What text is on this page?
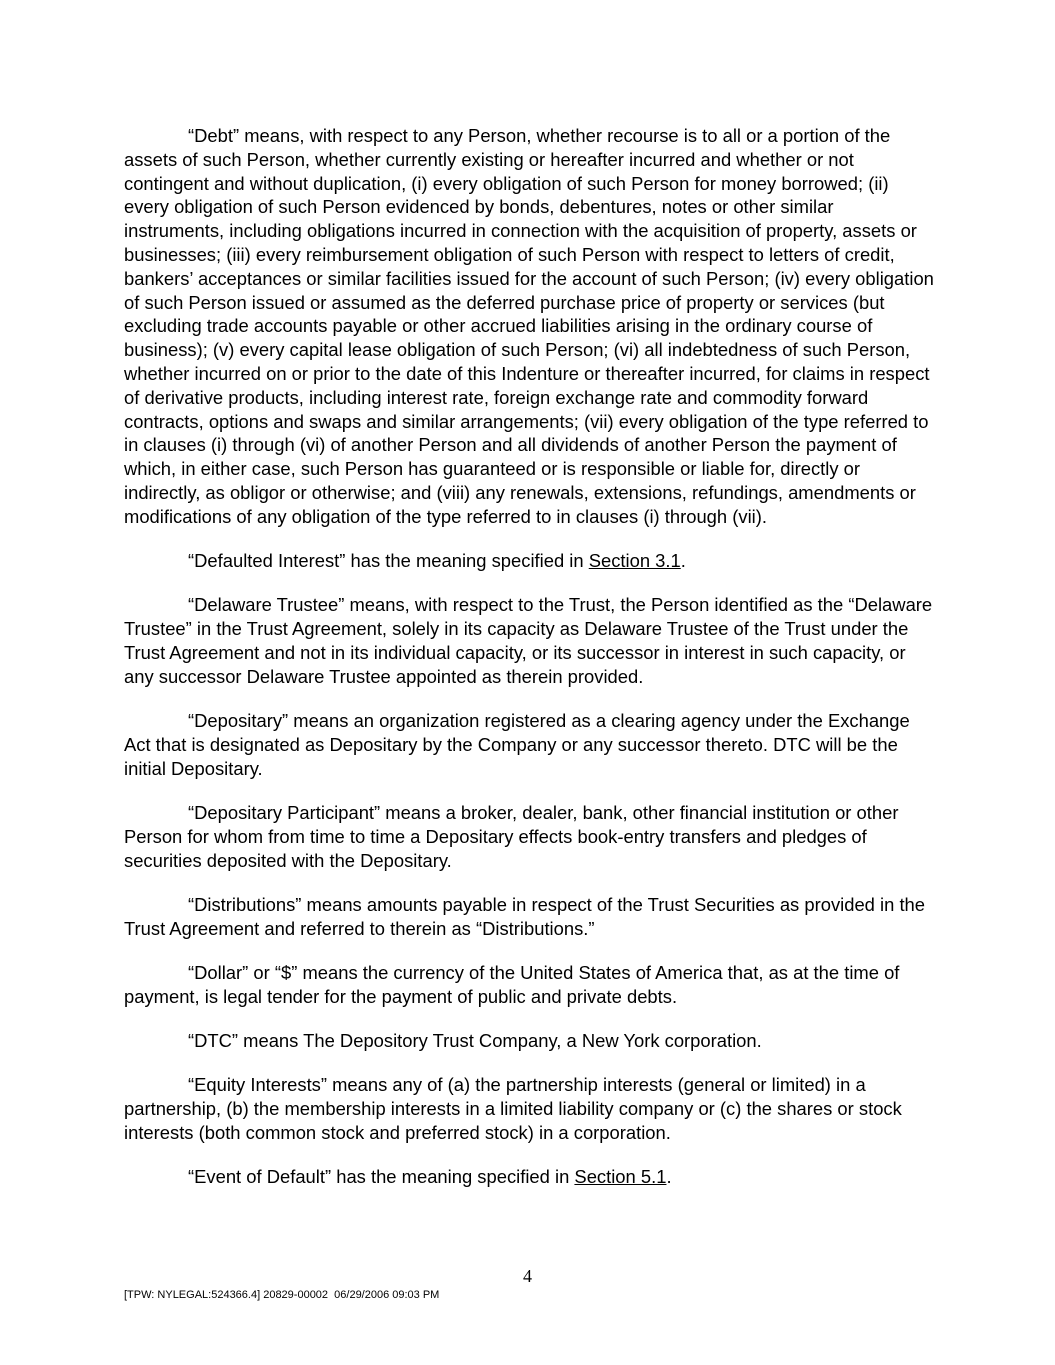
“Debt” means, with respect to any Person, whether recourse is to all or a portion of the assets of such Person, whether currently existing or hereafter incurred and whether or not contingent and without duplication, (i) every obligation of such Person for money borrowed; (ii) every obligation of such Person evidenced by bonds, debentures, notes or other similar instruments, including obligations incurred in connection with the acquisition of property, assets or businesses; (iii) every reimbursement obligation of such Person with respect to letters of credit, bankers’ acceptances or similar facilities issued for the account of such Person; (iv) every obligation of such Person issued or assumed as the deferred purchase price of property or services (but excluding trade accounts payable or other accrued liabilities arising in the ordinary course of business); (v) every capital lease obligation of such Person; (vi) all indebtedness of such Person, whether incurred on or prior to the date of this Indenture or thereafter incurred, for claims in respect of derivative products, including interest rate, foreign exchange rate and commodity forward contracts, options and swaps and similar arrangements; (vii) every obligation of the type referred to in clauses (i) through (vi) of another Person and all dividends of another Person the payment of which, in either case, such Person has guaranteed or is responsible or liable for, directly or indirectly, as obligor or otherwise; and (viii) any renewals, extensions, refundings, amendments or modifications of any obligation of the type referred to in clauses (i) through (vii).

“Defaulted Interest” has the meaning specified in Section 3.1.

“Delaware Trustee” means, with respect to the Trust, the Person identified as the “Delaware Trustee” in the Trust Agreement, solely in its capacity as Delaware Trustee of the Trust under the Trust Agreement and not in its individual capacity, or its successor in interest in such capacity, or any successor Delaware Trustee appointed as therein provided.

“Depositary” means an organization registered as a clearing agency under the Exchange Act that is designated as Depositary by the Company or any successor thereto. DTC will be the initial Depositary.

“Depositary Participant” means a broker, dealer, bank, other financial institution or other Person for whom from time to time a Depositary effects book-entry transfers and pledges of securities deposited with the Depositary.

“Distributions” means amounts payable in respect of the Trust Securities as provided in the Trust Agreement and referred to therein as “Distributions.”

“Dollar” or “$” means the currency of the United States of America that, as at the time of payment, is legal tender for the payment of public and private debts.

“DTC” means The Depository Trust Company, a New York corporation.

“Equity Interests” means any of (a) the partnership interests (general or limited) in a partnership, (b) the membership interests in a limited liability company or (c) the shares or stock interests (both common stock and preferred stock) in a corporation.

“Event of Default” has the meaning specified in Section 5.1.

4
[TPW: NYLEGAL:524366.4] 20829-00002  06/29/2006 09:03 PM
